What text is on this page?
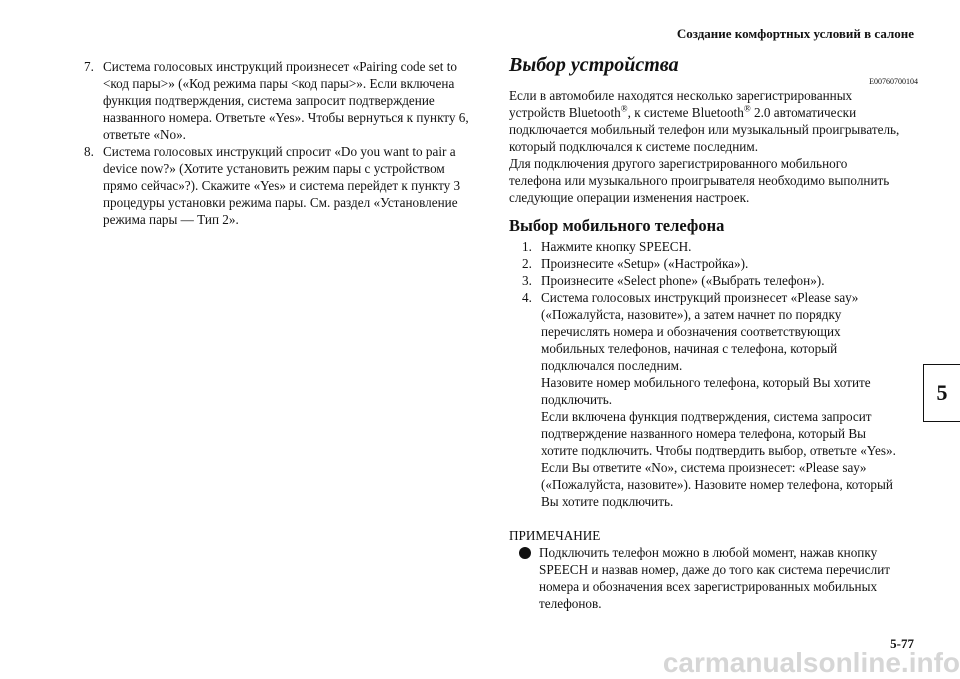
Создание комфортных условий в салоне
7. Система голосовых инструкций произнесет «Pairing code set to
<код пары>» («Код режима пары <код пары>». Если включена
функция подтверждения, система запросит подтверждение
названного номера. Ответьте «Yes». Чтобы вернуться к пункту 6,
ответьте «No».
8. Система голосовых инструкций спросит «Do you want to pair a
device now?» (Хотите установить режим пары с устройством
прямо сейчас»?). Скажите «Yes» и система перейдет к пункту 3
процедуры установки режима пары. См. раздел «Установление
режима пары — Тип 2».
Выбор устройства
E00760700104
Если в автомобиле находятся несколько зарегистрированных
устройств Bluetooth®, к системе Bluetooth® 2.0 автоматически
подключается мобильный телефон или музыкальный проигрыватель,
который подключался к системе последним.
Для подключения другого зарегистрированного мобильного
телефона или музыкального проигрывателя необходимо выполнить
следующие операции изменения настроек.
Выбор мобильного телефона
1. Нажмите кнопку SPEECH.
2. Произнесите «Setup» («Настройка»).
3. Произнесите «Select phone» («Выбрать телефон»).
4. Система голосовых инструкций произнесет «Please say»
(«Пожалуйста, назовите»), а затем начнет по порядку
перечислять номера и обозначения соответствующих
мобильных телефонов, начиная с телефона, который
подключался последним.
Назовите номер мобильного телефона, который Вы хотите
подключить.
Если включена функция подтверждения, система запросит
подтверждение названного номера телефона, который Вы
хотите подключить. Чтобы подтвердить выбор, ответьте «Yes».
Если Вы ответите «No», система произнесет: «Please say»
(«Пожалуйста, назовите»). Назовите номер телефона, который
Вы хотите подключить.
ПРИМЕЧАНИЕ
Подключить телефон можно в любой момент, нажав кнопку
SPEECH и назвав номер, даже до того как система перечислит
номера и обозначения всех зарегистрированных мобильных
телефонов.
5
5-77
carmanualsonline.info
